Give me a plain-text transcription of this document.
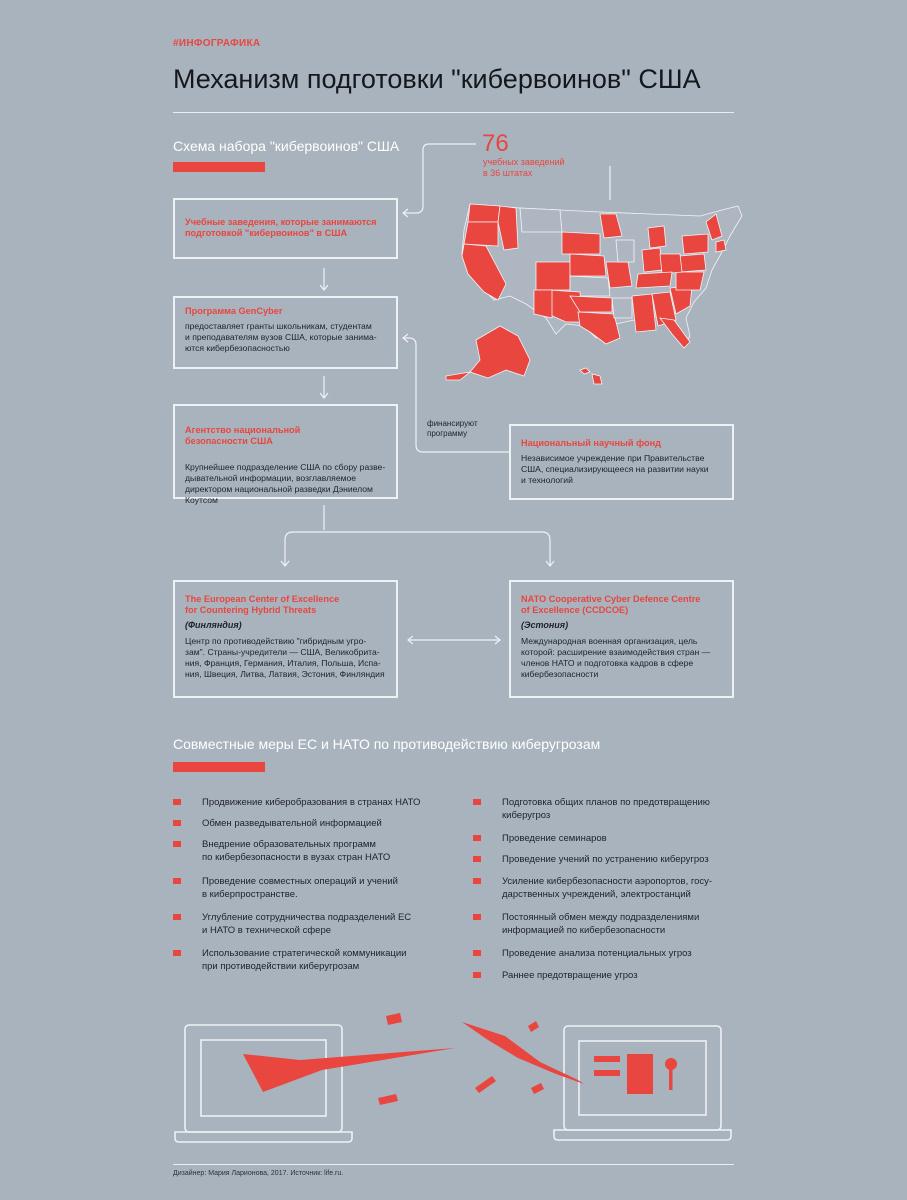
#ИНФОГРАФИКА
Механизм подготовки "кибервоинов" США
Схема набора "кибервоинов" США	76
учебных заведений
в 36 штатах
финансируют
программу
Учебные заведения, которые занимаются подготовкой "кибервоинов" в США
Программа GenCyber
предоставляет гранты школьникам, студентам
и преподавателям вузов США, которые занима-
ются кибербезопасностью

Агентство национальной
безопасности США

Крупнейшее подразделение США по сбору разве-
дывательной информации, возглавляемое
директором национальной разведки Дэниелом
Коутсом

Национальный научный фонд
Независимое учреждение при Правительстве
США, специализирующееся на развитии науки
и технологий
The European Center of Excellence
for Countering Hybrid Threats
(Финляндия)
Центр по противодействию "гибридным угро-
зам". Страны-учредители — США, Великобрита-
ния, Франция, Германия, Италия, Польша, Испа-
ния, Швеция, Литва, Латвия, Эстония, Финляндия
NATO Cooperative Cyber Defence Centre
of Excellence (CCDCOE)
(Эстония)
Международная военная организация, цель
которой: расширение взаимодействия стран —
членов НАТО и подготовка кадров в сфере
кибербезопасности
Совместные меры ЕС и НАТО по противодействию киберугрозам
Продвижение киберобразования в странах НАТО
Обмен разведывательной информацией
Внедрение образовательных программ
по кибербезопасности в вузах стран НАТО
Проведение совместных операций и учений
в киберпространстве.
Углубление сотрудничества подразделений ЕС
и НАТО в технической сфере
Использование стратегической коммуникации
при противодействии киберугрозам
Подготовка общих планов по предотвращению
киберугроз
Проведение семинаров
Проведение учений по устранению киберугроз
Усиление кибербезопасности аэропортов, госу-
дарственных учреждений, электростанций
Постоянный обмен между подразделениями
информацией по кибербезопасности
Проведение анализа потенциальных угроз
Раннее предотвращение угроз
Дизайнер: Мария Ларионова, 2017. Источник: life.ru.
